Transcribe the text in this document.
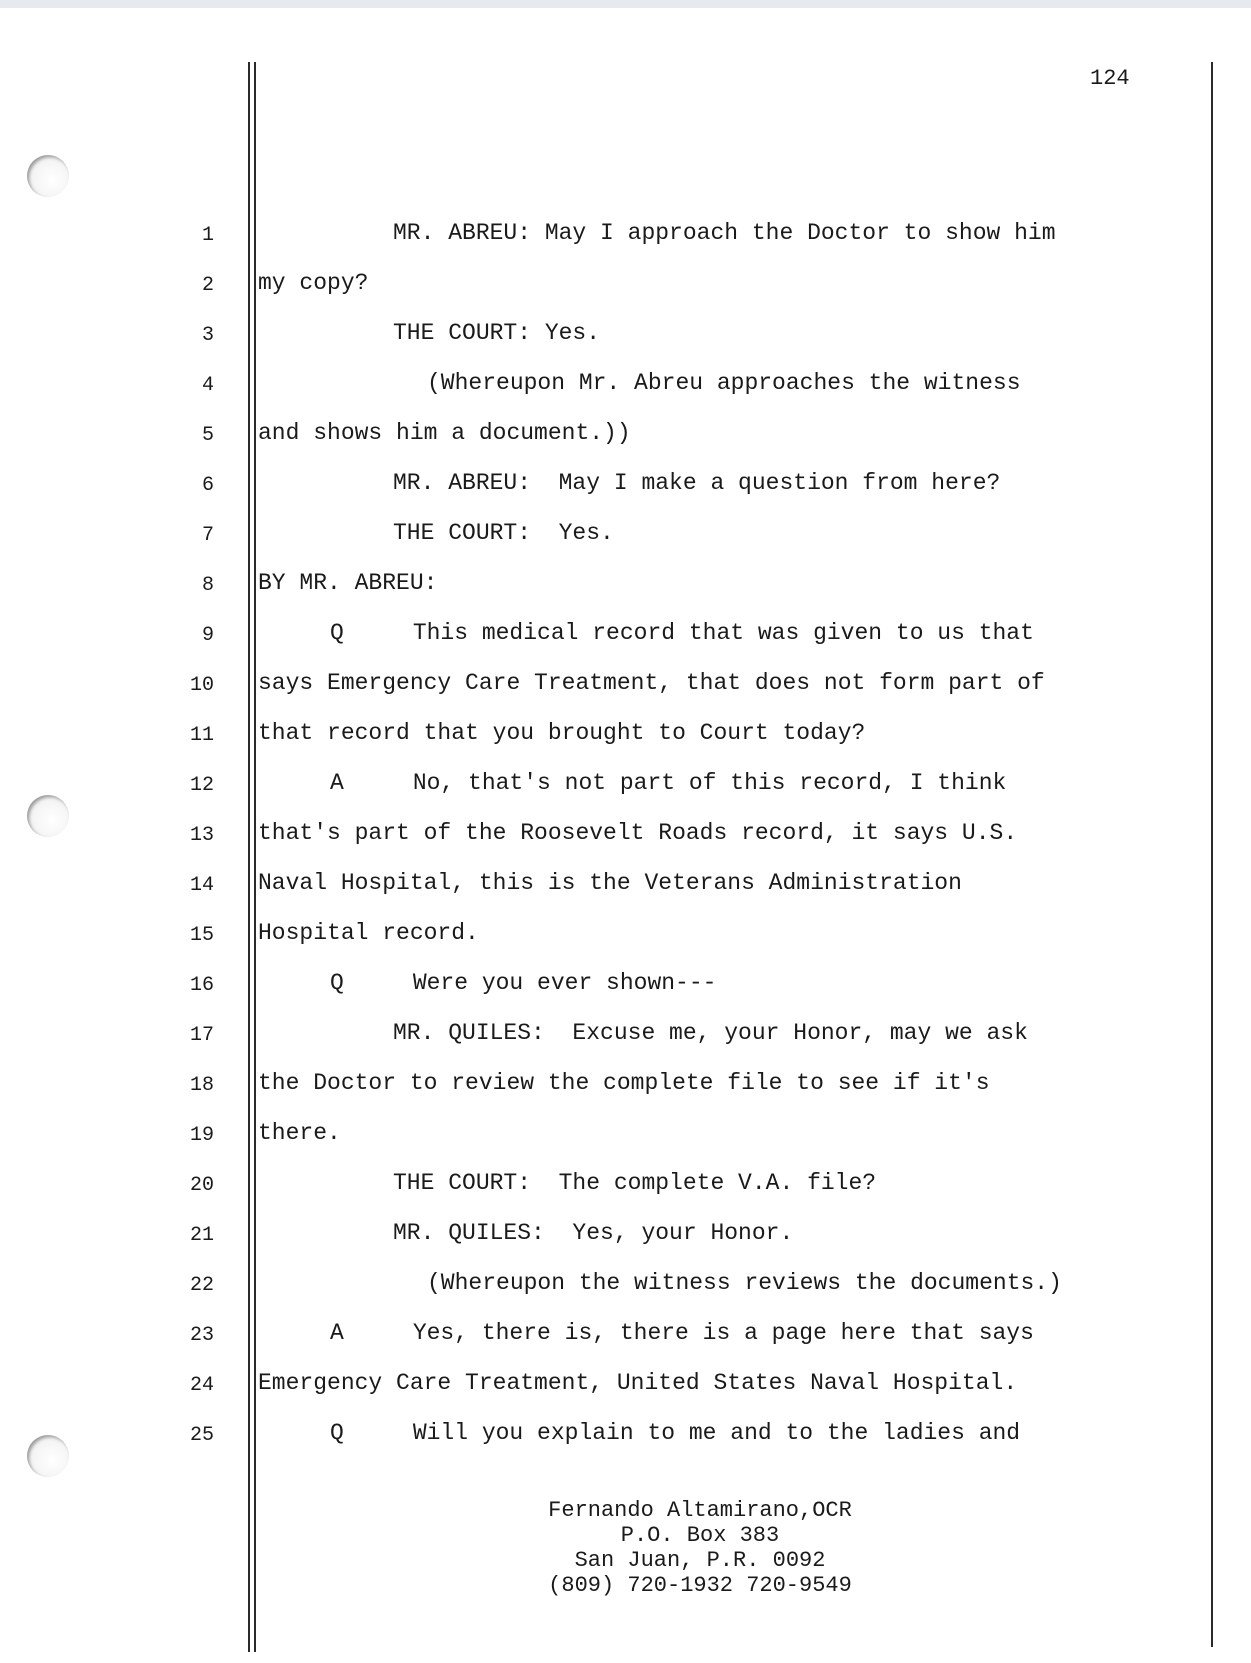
124
1	MR. ABREU: May I approach the Doctor to show him
2 my copy?
3	THE COURT: Yes.
4	(Whereupon Mr. Abreu approaches the witness
5 and shows him a document.))
6	MR. ABREU:  May I make a question from here?
7	THE COURT:  Yes.
8 BY MR. ABREU:
9	Q     This medical record that was given to us that
10 says Emergency Care Treatment, that does not form part of
11 that record that you brought to Court today?
12	A     No, that's not part of this record, I think
13 that's part of the Roosevelt Roads record, it says U.S.
14 Naval Hospital, this is the Veterans Administration
15 Hospital record.
16	Q     Were you ever shown---
17	MR. QUILES:  Excuse me, your Honor, may we ask
18 the Doctor to review the complete file to see if it's
19 there.
20	THE COURT:  The complete V.A. file?
21	MR. QUILES:  Yes, your Honor.
22	(Whereupon the witness reviews the documents.)
23	A     Yes, there is, there is a page here that says
24 Emergency Care Treatment, United States Naval Hospital.
25	Q     Will you explain to me and to the ladies and
Fernando Altamirano,OCR
P.O. Box 383
San Juan, P.R. 0092
(809) 720-1932 720-9549
